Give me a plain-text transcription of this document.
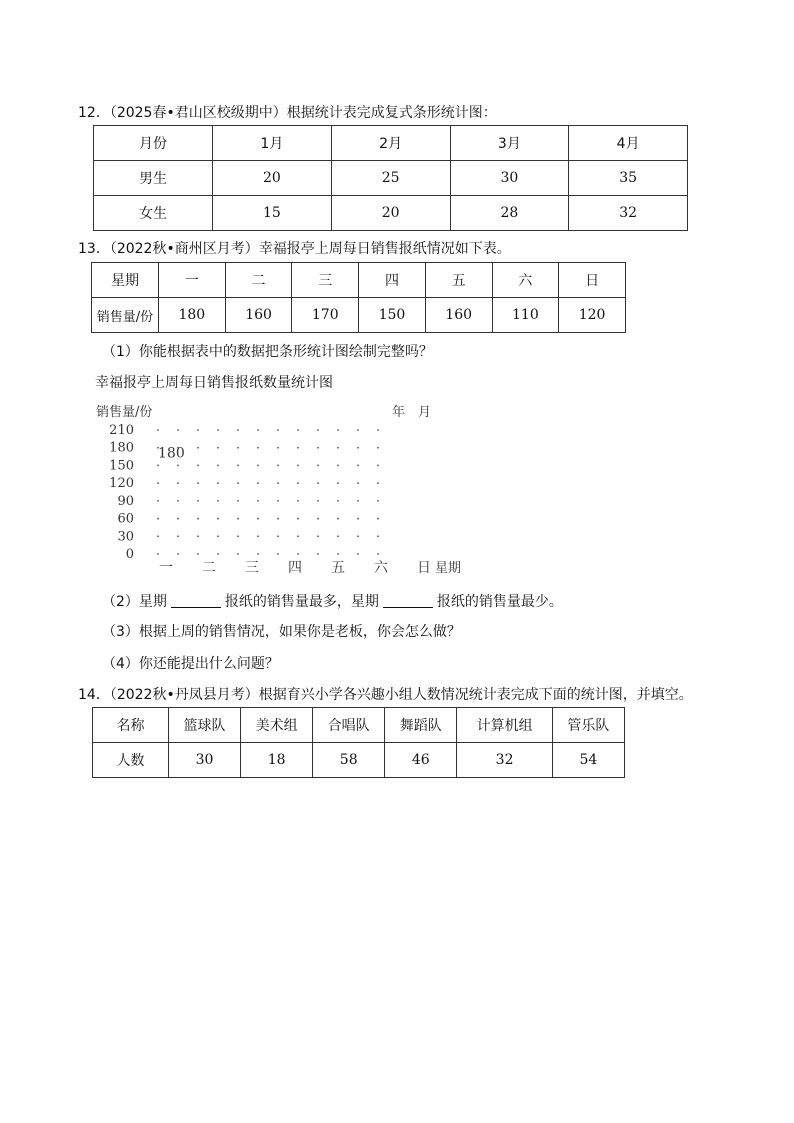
12．（2025春•君山区校级期中）根据统计表完成复式条形统计图：
月份	1月	2月	3月	4月
男生	20	25	30	35
女生	15	20	28	32
13．（2022秋•商州区月考）幸福报亭上周每日销售报纸情况如下表。
星期	一	二	三	四	五	六	日
销售量/份	180	160	170	150	160	110	120
（1）你能根据表中的数据把条形统计图绘制完整吗？
幸福报亭上周每日销售报纸数量统计图
销售量/份	年　月
210
180
150
120
90
60
30
0
一 二 三 四 五 六 日 星期
180
（2）星期	报纸的销售量最多，星期	报纸的销售量最少。
（3）根据上周的销售情况，如果你是老板，你会怎么做？
（4）你还能提出什么问题？
14．（2022秋•丹凤县月考）根据育兴小学各兴趣小组人数情况统计表完成下面的统计图，并填空。
名称	篮球队	美术组	合唱队	舞蹈队	计算机组	管乐队
人数	30	18	58	46	32	54
